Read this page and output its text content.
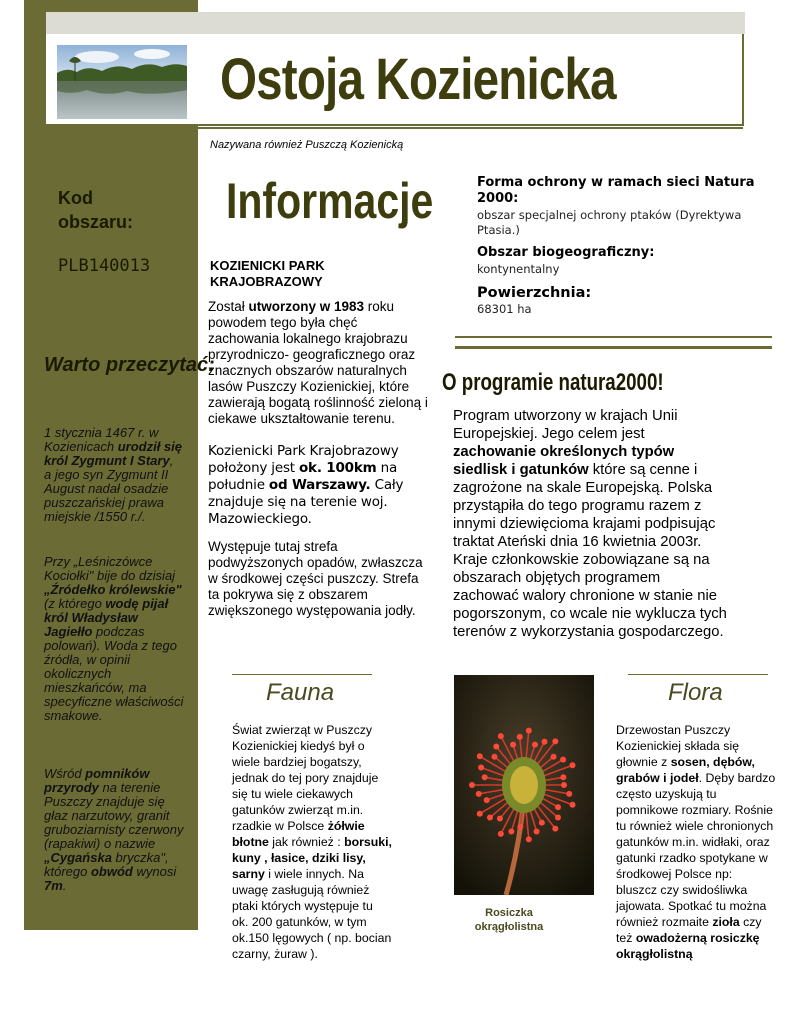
Ostoja Kozienicka
Nazywana również Puszczą Kozienicką
Kod obszaru:
PLB140013
Warto przeczytać:
1 stycznia 1467 r. w Kozienicach urodził się król Zygmunt I Stary, a jego syn Zygmunt II August nadał osadzie puszczańskiej prawa miejskie /1550 r./.
Przy „Leśniczówce Kociołki" bije do dzisiaj „Źródełko królewskie" (z którego wodę pijał król Władysław Jagiełło podczas polowań). Woda z tego źródła, w opinii okolicznych mieszkańców, ma specyficzne właściwości smakowe.
Wśród pomników przyrody na terenie Puszczy znajduje się głaz narzutowy, granit gruboziarnisty czerwony (rapakiwi) o nazwie „Cygańska bryczka", którego obwód wynosi 7m.
Informacje
KOZIENICKI PARK KRAJOBRAZOWY
Został utworzony w 1983 roku powodem tego była chęć zachowania lokalnego krajobrazu przyrodniczo- geograficznego oraz znacznych obszarów naturalnych lasów Puszczy Kozienickiej, które zawierają bogatą roślinność zieloną i ciekawe ukształtowanie terenu.
Kozienicki Park Krajobrazowy położony jest ok. 100km na południe od Warszawy. Cały znajduje się na terenie woj. Mazowieckiego.
Występuje tutaj strefa podwyższonych opadów, zwłaszcza w środkowej części puszczy. Strefa ta pokrywa się z obszarem zwiększonego występowania jodły.
Forma ochrony w ramach sieci Natura 2000:
obszar specjalnej ochrony ptaków (Dyrektywa Ptasia.)
Obszar biogeograficzny:
kontynentalny
Powierzchnia:
68301 ha
O programie natura2000!
Program utworzony w krajach Unii Europejskiej. Jego celem jest zachowanie określonych typów siedlisk i gatunków które są cenne i zagrożone na skale Europejską. Polska przystąpiła do tego programu razem z innymi dziewięcioma krajami podpisując traktat Ateński dnia 16 kwietnia 2003r. Kraje członkowskie zobowiązane są na obszarach objętych programem zachować walory chronione w stanie nie pogorszonym, co wcale nie wyklucza tych terenów z wykorzystania gospodarczego.
Fauna
Świat zwierząt w Puszczy Kozienickiej kiedyś był o wiele bardziej bogatszy, jednak do tej pory znajduje się tu wiele ciekawych gatunków zwierząt m.in. rzadkie w Polsce żółwie błotne jak również : borsuki, kuny , łasice, dziki lisy, sarny i wiele innych. Na uwagę zasługują również ptaki których występuje tu ok. 200 gatunków, w tym ok.150 lęgowych ( np. bocian czarny, żuraw ).
Flora
Drzewostan Puszczy Kozienickiej składa się głownie z sosen, dębów, grabów i jodeł. Dęby bardzo często uzyskują tu pomnikowe rozmiary. Rośnie tu również wiele chronionych gatunków m.in. widłaki, oraz gatunki rzadko spotykane w środkowej Polsce np: bluszcz czy swidośliwka jajowata. Spotkać tu można również rozmaite zioła czy też owadożerną rosiczkę okrągłolistną
Rosiczka okrągłolistna
